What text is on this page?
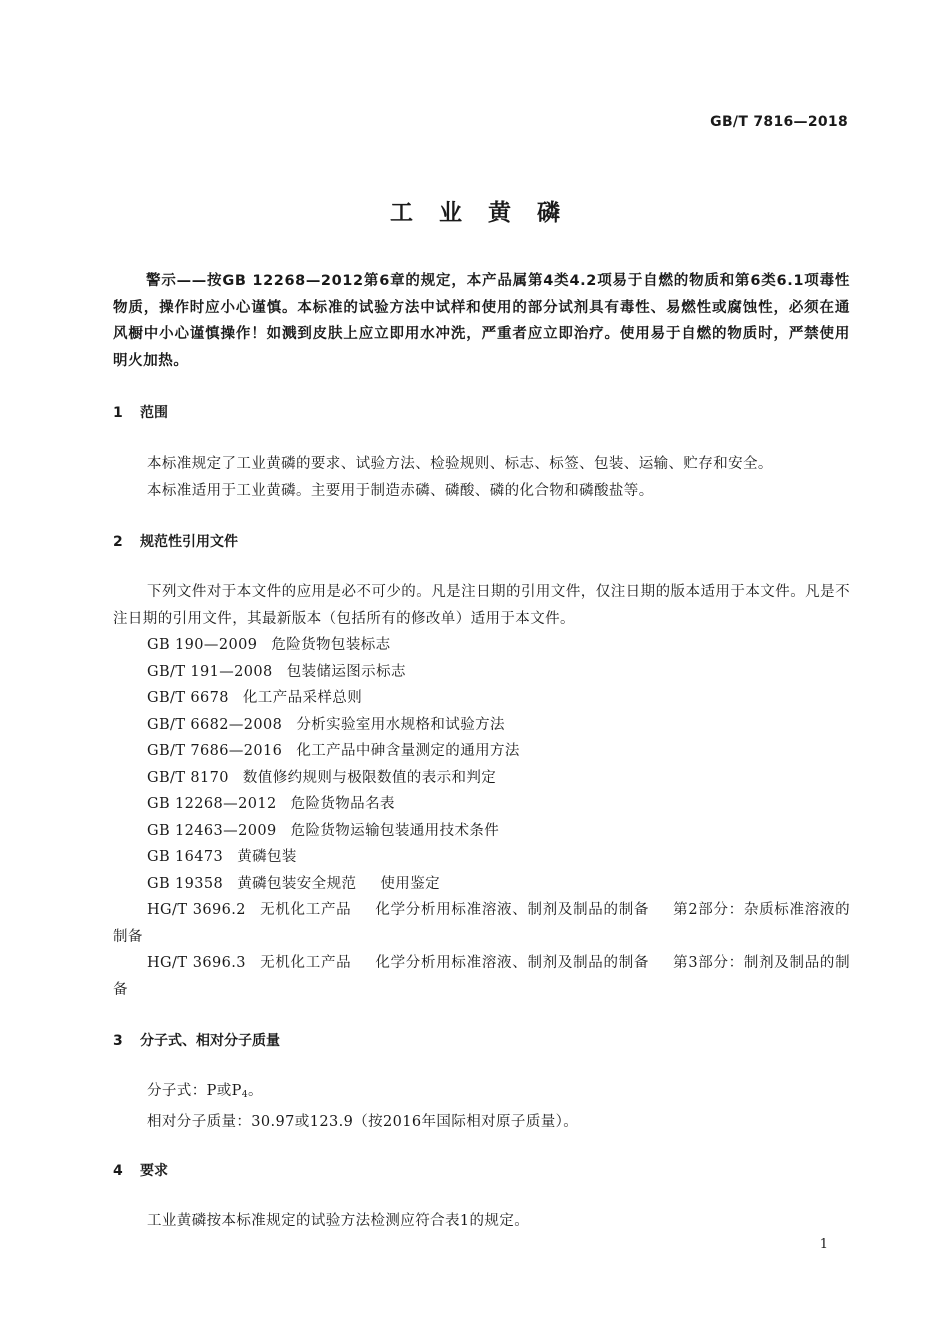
GB/T 7816—2018
工业黄磷
警示——按GB 12268—2012第6章的规定，本产品属第4类4.2项易于自燃的物质和第6类6.1项毒性物质，操作时应小心谨慎。本标准的试验方法中试样和使用的部分试剂具有毒性、易燃性或腐蚀性，必须在通风橱中小心谨慎操作！如溅到皮肤上应立即用水冲洗，严重者应立即治疗。使用易于自燃的物质时，严禁使用明火加热。
1 范围
本标准规定了工业黄磷的要求、试验方法、检验规则、标志、标签、包装、运输、贮存和安全。
本标准适用于工业黄磷。主要用于制造赤磷、磷酸、磷的化合物和磷酸盐等。
2 规范性引用文件
下列文件对于本文件的应用是必不可少的。凡是注日期的引用文件，仅注日期的版本适用于本文件。凡是不注日期的引用文件，其最新版本（包括所有的修改单）适用于本文件。
GB 190—2009 危险货物包装标志
GB/T 191—2008 包装储运图示标志
GB/T 6678 化工产品采样总则
GB/T 6682—2008 分析实验室用水规格和试验方法
GB/T 7686—2016 化工产品中砷含量测定的通用方法
GB/T 8170 数值修约规则与极限数值的表示和判定
GB 12268—2012 危险货物品名表
GB 12463—2009 危险货物运输包装通用技术条件
GB 16473 黄磷包装
GB 19358 黄磷包装安全规范 使用鉴定
HG/T 3696.2 无机化工产品 化学分析用标准溶液、制剂及制品的制备 第2部分：杂质标准溶液的制备
HG/T 3696.3 无机化工产品 化学分析用标准溶液、制剂及制品的制备 第3部分：制剂及制品的制备
3 分子式、相对分子质量
分子式：P或$P_4$。
相对分子质量：30.97或123.9（按2016年国际相对原子质量）。
4 要求
工业黄磷按本标准规定的试验方法检测应符合表1的规定。
1
